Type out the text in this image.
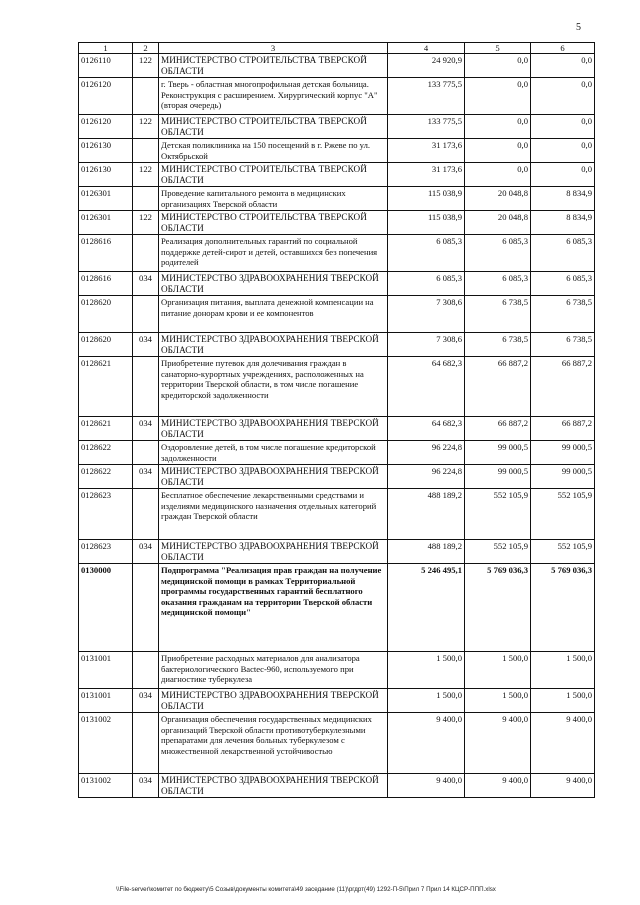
5
1	2	3	4	5	6
0126110	122	МИНИСТЕРСТВО СТРОИТЕЛЬСТВА ТВЕРСКОЙ ОБЛАСТИ	24 920,9	0,0	0,0
0126120		г. Тверь - областная многопрофильная детская больница. Реконструкция с расширением. Хирургический корпус "А" (вторая очередь)	133 775,5	0,0	0,0
0126120	122	МИНИСТЕРСТВО СТРОИТЕЛЬСТВА ТВЕРСКОЙ ОБЛАСТИ	133 775,5	0,0	0,0
0126130		Детская поликлиника на 150 посещений в г. Ржеве по ул. Октябрьской	31 173,6	0,0	0,0
0126130	122	МИНИСТЕРСТВО СТРОИТЕЛЬСТВА ТВЕРСКОЙ ОБЛАСТИ	31 173,6	0,0	0,0
0126301		Проведение капитального ремонта в медицинских организациях Тверской области	115 038,9	20 048,8	8 834,9
0126301	122	МИНИСТЕРСТВО СТРОИТЕЛЬСТВА ТВЕРСКОЙ ОБЛАСТИ	115 038,9	20 048,8	8 834,9
0128616		Реализация дополнительных гарантий по социальной поддержке детей-сирот и детей, оставшихся без попечения родителей	6 085,3	6 085,3	6 085,3
0128616	034	МИНИСТЕРСТВО ЗДРАВООХРАНЕНИЯ ТВЕРСКОЙ ОБЛАСТИ	6 085,3	6 085,3	6 085,3
0128620		Организация питания, выплата денежной компенсации на питание донорам крови и ее компонентов	7 308,6	6 738,5	6 738,5
0128620	034	МИНИСТЕРСТВО ЗДРАВООХРАНЕНИЯ ТВЕРСКОЙ ОБЛАСТИ	7 308,6	6 738,5	6 738,5
0128621		Приобретение путевок для долечивания граждан в санаторно-курортных учреждениях, расположенных на территории Тверской области, в том числе погашение кредиторской задолженности	64 682,3	66 887,2	66 887,2
0128621	034	МИНИСТЕРСТВО ЗДРАВООХРАНЕНИЯ ТВЕРСКОЙ ОБЛАСТИ	64 682,3	66 887,2	66 887,2
0128622		Оздоровление детей, в том числе погашение кредиторской задолженности	96 224,8	99 000,5	99 000,5
0128622	034	МИНИСТЕРСТВО ЗДРАВООХРАНЕНИЯ ТВЕРСКОЙ ОБЛАСТИ	96 224,8	99 000,5	99 000,5
0128623		Бесплатное обеспечение лекарственными средствами и изделиями медицинского назначения отдельных категорий граждан Тверской области	488 189,2	552 105,9	552 105,9
0128623	034	МИНИСТЕРСТВО ЗДРАВООХРАНЕНИЯ ТВЕРСКОЙ ОБЛАСТИ	488 189,2	552 105,9	552 105,9
0130000		Подпрограмма "Реализация прав граждан на получение медицинской помощи в рамках Территориальной программы государственных гарантий бесплатного оказания гражданам на территории Тверской области медицинской помощи"	5 246 495,1	5 769 036,3	5 769 036,3
0131001		Приобретение расходных материалов для анализатора бактериологического Bactec-960, используемого при диагностике туберкулеза	1 500,0	1 500,0	1 500,0
0131001	034	МИНИСТЕРСТВО ЗДРАВООХРАНЕНИЯ ТВЕРСКОЙ ОБЛАСТИ	1 500,0	1 500,0	1 500,0
0131002		Организация обеспечения государственных медицинских организаций Тверской области противотуберкулезными препаратами для лечения больных туберкулезом с множественной лекарственной устойчивостью	9 400,0	9 400,0	9 400,0
0131002	034	МИНИСТЕРСТВО ЗДРАВООХРАНЕНИЯ ТВЕРСКОЙ ОБЛАСТИ	9 400,0	9 400,0	9 400,0
\\File-server\комитет по бюджету\5 Созыв\документы комитета\49 заседание (11)\ргдрт(49) 1292-П-5\Прил 7 Прил 14 КЦСР-ППП.xlsx
